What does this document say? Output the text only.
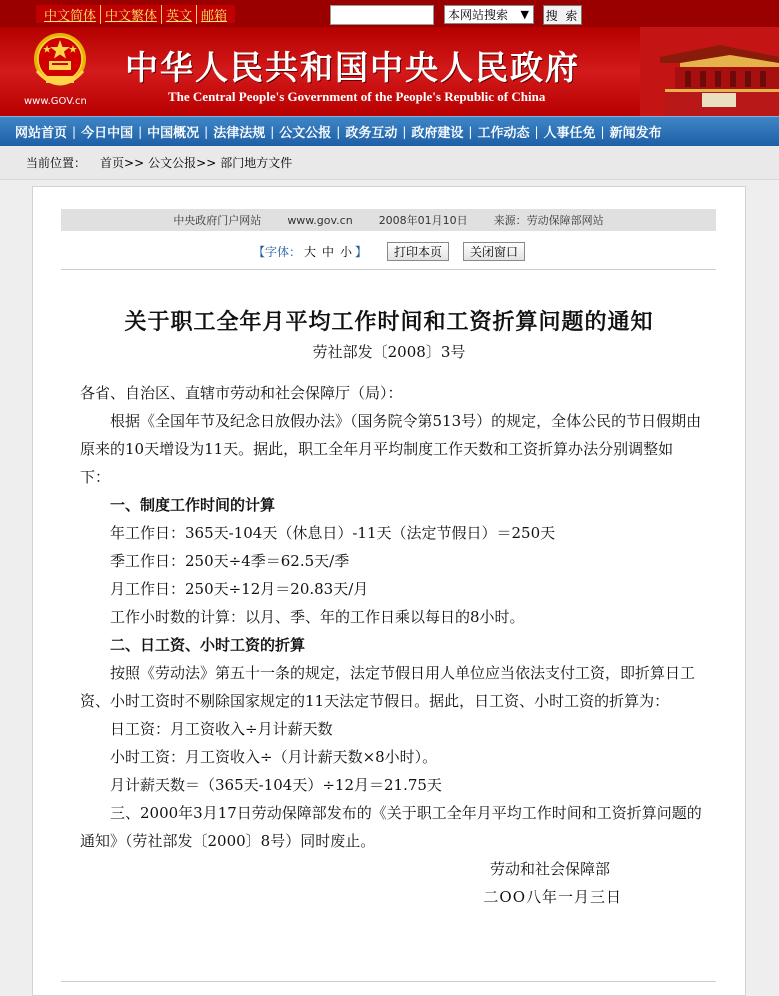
中文简体 中文繁体 英文 邮箱	本网站搜索 ▼ 搜 索
www.GOV.cn
中华人民共和国中央人民政府
The Central People's Government of the People's Republic of China
网站首页 | 今日中国 | 中国概况 | 法律法规 | 公文公报 | 政务互动 | 政府建设 | 工作动态 | 人事任免 | 新闻发布
当前位置： 首页>> 公文公报>> 部门地方文件
中央政府门户网站 www.gov.cn 2008年01月10日 来源：劳动保障部网站
【字体： 大 中 小 】	打印本页	关闭窗口
关于职工全年月平均工作时间和工资折算问题的通知
劳社部发〔2008〕3号

各省、自治区、直辖市劳动和社会保障厅（局）：

根据《全国年节及纪念日放假办法》（国务院令第513号）的规定，全体公民的节日假期由原来的10天增设为11天。据此，职工全年月平均制度工作天数和工资折算办法分别调整如下：

一、制度工作时间的计算

年工作日：365天-104天（休息日）-11天（法定节假日）＝250天

季工作日：250天÷4季＝62.5天/季

月工作日：250天÷12月＝20.83天/月

工作小时数的计算：以月、季、年的工作日乘以每日的8小时。

二、日工资、小时工资的折算

按照《劳动法》第五十一条的规定，法定节假日用人单位应当依法支付工资，即折算日工资、小时工资时不剔除国家规定的11天法定节假日。据此，日工资、小时工资的折算为：

日工资：月工资收入÷月计薪天数

小时工资：月工资收入÷（月计薪天数×8小时）。

月计薪天数＝（365天-104天）÷12月＝21.75天

三、2000年3月17日劳动保障部发布的《关于职工全年月平均工作时间和工资折算问题的通知》（劳社部发〔2000〕8号）同时废止。

劳动和社会保障部

二OO八年一月三日
